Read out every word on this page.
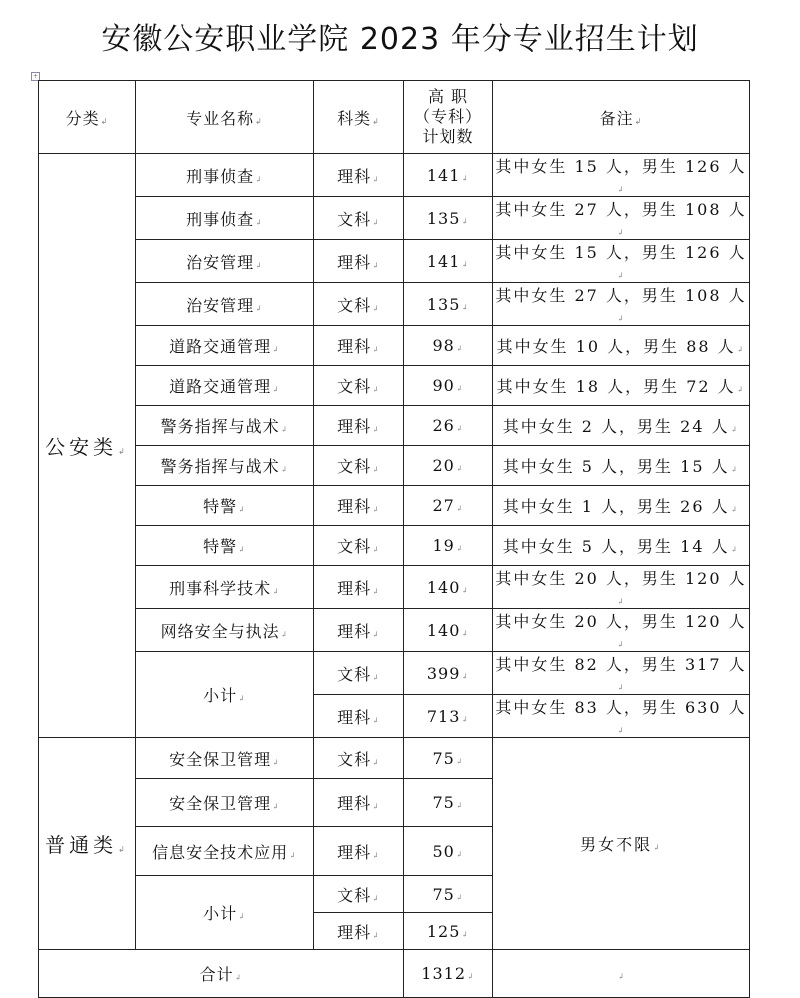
安徽公安职业学院 2023 年分专业招生计划
+
分类 ↲	专业名称 ↲	科类 ↲	高 职
（专科）
计划数	备注 ↲
公安类 ↲	刑事侦查 ↲	理科 ↲	141 ↲	其中女生 15 人，男生 126 人 ↲
	刑事侦查 ↲	文科 ↲	135 ↲	其中女生 27 人，男生 108 人 ↲
	治安管理 ↲	理科 ↲	141 ↲	其中女生 15 人，男生 126 人 ↲
	治安管理 ↲	文科 ↲	135 ↲	其中女生 27 人，男生 108 人 ↲
	道路交通管理 ↲	理科 ↲	98 ↲	其中女生 10 人，男生 88 人 ↲
	道路交通管理 ↲	文科 ↲	90 ↲	其中女生 18 人，男生 72 人 ↲
	警务指挥与战术 ↲	理科 ↲	26 ↲	其中女生 2 人，男生 24 人 ↲
	警务指挥与战术 ↲	文科 ↲	20 ↲	其中女生 5 人，男生 15 人 ↲
	特警 ↲	理科 ↲	27 ↲	其中女生 1 人，男生 26 人 ↲
	特警 ↲	文科 ↲	19 ↲	其中女生 5 人，男生 14 人 ↲
	刑事科学技术 ↲	理科 ↲	140 ↲	其中女生 20 人，男生 120 人 ↲
	网络安全与执法 ↲	理科 ↲	140 ↲	其中女生 20 人，男生 120 人 ↲
	小计 ↲	文科 ↲	399 ↲	其中女生 82 人，男生 317 人 ↲
		理科 ↲	713 ↲	其中女生 83 人，男生 630 人 ↲
普通类 ↲	安全保卫管理 ↲	文科 ↲	75 ↲	男女不限 ↲
	安全保卫管理 ↲	理科 ↲	75 ↲
	信息安全技术应用 ↲	理科 ↲	50 ↲
	小计 ↲	文科 ↲	75 ↲
		理科 ↲	125 ↲
合计 ↲			1312 ↲	↲
